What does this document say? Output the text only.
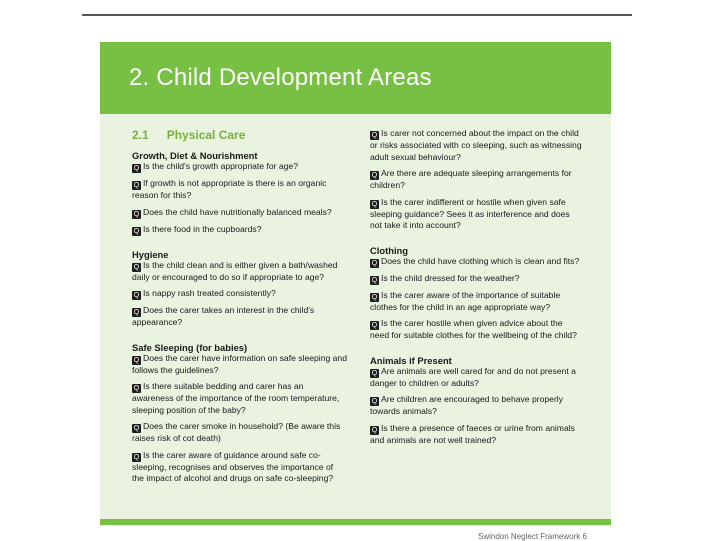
2. Child Development Areas
2.1 Physical Care
Growth, Diet & Nourishment
Q Is the child's growth appropriate for age?
Q If growth is not appropriate is there is an organic reason for this?
Q Does the child have nutritionally balanced meals?
Q Is there food in the cupboards?
Hygiene
Q Is the child clean and is either given a bath/washed daily or encouraged to do so if appropriate to age?
Q Is nappy rash treated consistently?
Q Does the carer takes an interest in the child's appearance?
Safe Sleeping (for babies)
Q Does the carer have information on safe sleeping and follows the guidelines?
Q Is there suitable bedding and carer has an awareness of the importance of the room temperature, sleeping position of the baby?
Q Does the carer smoke in household? (Be aware this raises risk of cot death)
Q Is the carer aware of guidance around safe co-sleeping, recognises and observes the importance of the impact of alcohol and drugs on safe co-sleeping?
Q Is carer not concerned about the impact on the child or risks associated with co sleeping, such as witnessing adult sexual behaviour?
Q Are there are adequate sleeping arrangements for children?
Q Is the carer indifferent or hostile when given safe sleeping guidance? Sees it as interference and does not take it into account?
Clothing
Q Does the child have clothing which is clean and fits?
Q Is the child dressed for the weather?
Q Is the carer aware of the importance of suitable clothes for the child in an age appropriate way?
Q Is the carer hostile when given advice about the need for suitable clothes for the wellbeing of the child?
Animals if Present
Q Are animals are well cared for and do not present a danger to children or adults?
Q Are children are encouraged to behave properly towards animals?
Q Is there a presence of faeces or urine from animals and animals are not well trained?
Swindon Neglect Framework 6
